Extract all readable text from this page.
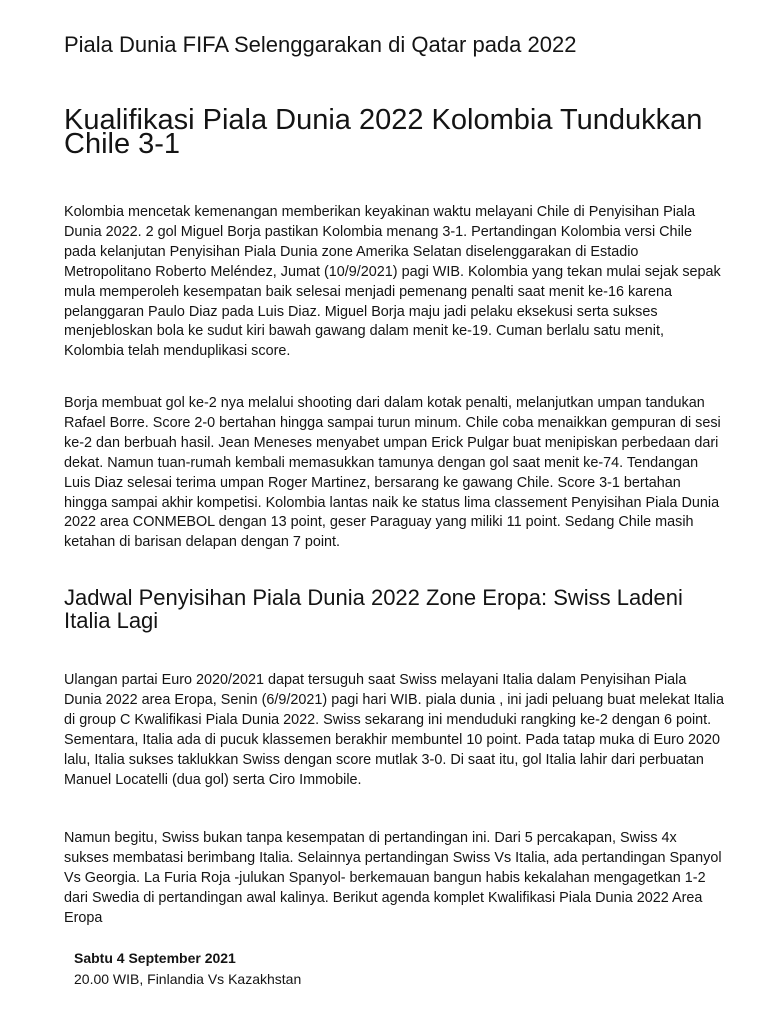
Piala Dunia FIFA Selenggarakan di Qatar pada 2022
Kualifikasi Piala Dunia 2022 Kolombia Tundukkan Chile 3-1

Kolombia mencetak kemenangan memberikan keyakinan waktu melayani Chile di Penyisihan Piala Dunia 2022. 2 gol Miguel Borja pastikan Kolombia menang 3-1. Pertandingan Kolombia versi Chile pada kelanjutan Penyisihan Piala Dunia zone Amerika Selatan diselenggarakan di Estadio Metropolitano Roberto Meléndez, Jumat (10/9/2021) pagi WIB. Kolombia yang tekan mulai sejak sepak mula memperoleh kesempatan baik selesai menjadi pemenang penalti saat menit ke-16 karena pelanggaran Paulo Diaz pada Luis Diaz. Miguel Borja maju jadi pelaku eksekusi serta sukses menjebloskan bola ke sudut kiri bawah gawang dalam menit ke-19. Cuman berlalu satu menit, Kolombia telah menduplikasi score.

Borja membuat gol ke-2 nya melalui shooting dari dalam kotak penalti, melanjutkan umpan tandukan Rafael Borre. Score 2-0 bertahan hingga sampai turun minum. Chile coba menaikkan gempuran di sesi ke-2 dan berbuah hasil. Jean Meneses menyabet umpan Erick Pulgar buat menipiskan perbedaan dari dekat. Namun tuan-rumah kembali memasukkan tamunya dengan gol saat menit ke-74. Tendangan Luis Diaz selesai terima umpan Roger Martinez, bersarang ke gawang Chile. Score 3-1 bertahan hingga sampai akhir kompetisi. Kolombia lantas naik ke status lima classement Penyisihan Piala Dunia 2022 area CONMEBOL dengan 13 point, geser Paraguay yang miliki 11 point. Sedang Chile masih ketahan di barisan delapan dengan 7 point.

Jadwal Penyisihan Piala Dunia 2022 Zone Eropa: Swiss Ladeni Italia Lagi

Ulangan partai Euro 2020/2021 dapat tersuguh saat Swiss melayani Italia dalam Penyisihan Piala Dunia 2022 area Eropa, Senin (6/9/2021) pagi hari WIB. piala dunia , ini jadi peluang buat melekat Italia di group C Kwalifikasi Piala Dunia 2022. Swiss sekarang ini menduduki rangking ke-2 dengan 6 point. Sementara, Italia ada di pucuk klassemen berakhir membuntel 10 point. Pada tatap muka di Euro 2020 lalu, Italia sukses taklukkan Swiss dengan score mutlak 3-0. Di saat itu, gol Italia lahir dari perbuatan Manuel Locatelli (dua gol) serta Ciro Immobile.

Namun begitu, Swiss bukan tanpa kesempatan di pertandingan ini. Dari 5 percakapan, Swiss 4x sukses membatasi berimbang Italia. Selainnya pertandingan Swiss Vs Italia, ada pertandingan Spanyol Vs Georgia. La Furia Roja -julukan Spanyol- berkemauan bangun habis kekalahan mengagetkan 1-2 dari Swedia di pertandingan awal kalinya. Berikut agenda komplet Kwalifikasi Piala Dunia 2022 Area Eropa

Sabtu 4 September 2021
20.00 WIB, Finlandia Vs Kazakhstan
